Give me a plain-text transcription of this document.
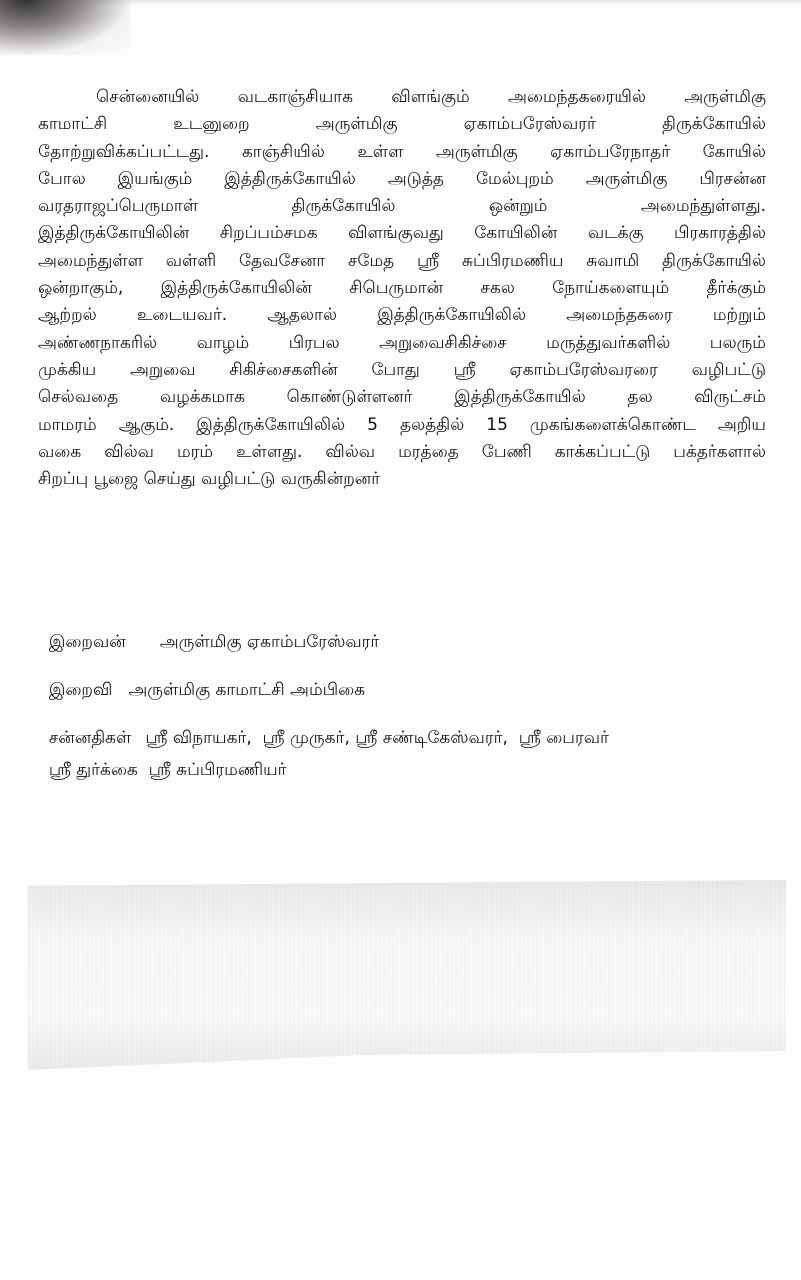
சென்னையில் வடகாஞ்சியாக விளங்கும் அமைந்தகரையில் அருள்மிகு
காமாட்சி உடனுறை அருள்மிகு ஏகாம்பரேஸ்வரர் திருக்கோயில்
தோற்றுவிக்கப்பட்டது. காஞ்சியில் உள்ள அருள்மிகு ஏகாம்பரேநாதர் கோயில்
போல இயங்கும் இத்திருக்கோயில் அடுத்த மேல்புறம் அருள்மிகு பிரசன்ன
வரதராஜப்பெருமாள் திருக்கோயில் ஒன்றும் அமைந்துள்ளது.
இத்திருக்கோயிலின் சிறப்பம்சமக விளங்குவது கோயிலின் வடக்கு பிரகாரத்தில்
அமைந்துள்ள வள்ளி தேவசேனா சமேத ஸ்ரீ சுப்பிரமணிய சுவாமி திருக்கோயில்
ஒன்றாகும், இத்திருக்கோயிலின் சிபெருமான் சகல நோய்களையும் தீர்க்கும்
ஆற்றல் உடையவர். ஆதலால் இத்திருக்கோயிலில் அமைந்தகரை மற்றும்
அண்ணநாகரில் வாழம் பிரபல அறுவைசிகிச்சை மருத்துவர்களில் பலரும்
முக்கிய அறுவை சிகிச்சைகளின் போது ஸ்ரீ ஏகாம்பரேஸ்வரரை வழிபட்டு
செல்வதை வழக்கமாக கொண்டுள்ளனர் இத்திருக்கோயில் தல விருட்சம்
மாமரம் ஆகும். இத்திருக்கோயிலில் 5 தலத்தில் 15 முகங்களைக்கொண்ட அறிய
வகை வில்வ மரம் உள்ளது. வில்வ மரத்தை பேணி காக்கப்பட்டு பக்தர்களால்
சிறப்பு பூஜை செய்து வழிபட்டு வருகின்றனர்

இறைவன் அருள்மிகு ஏகாம்பரேஸ்வரர்

இறைவி அருள்மிகு காமாட்சி அம்பிகை

சன்னதிகள் ஸ்ரீ விநாயகர்,  ஸ்ரீ முருகர், ஸ்ரீ சண்டிகேஸ்வரர்,  ஸ்ரீ பைரவர்

ஸ்ரீ துர்க்கை  ஸ்ரீ சுப்பிரமணியர்
